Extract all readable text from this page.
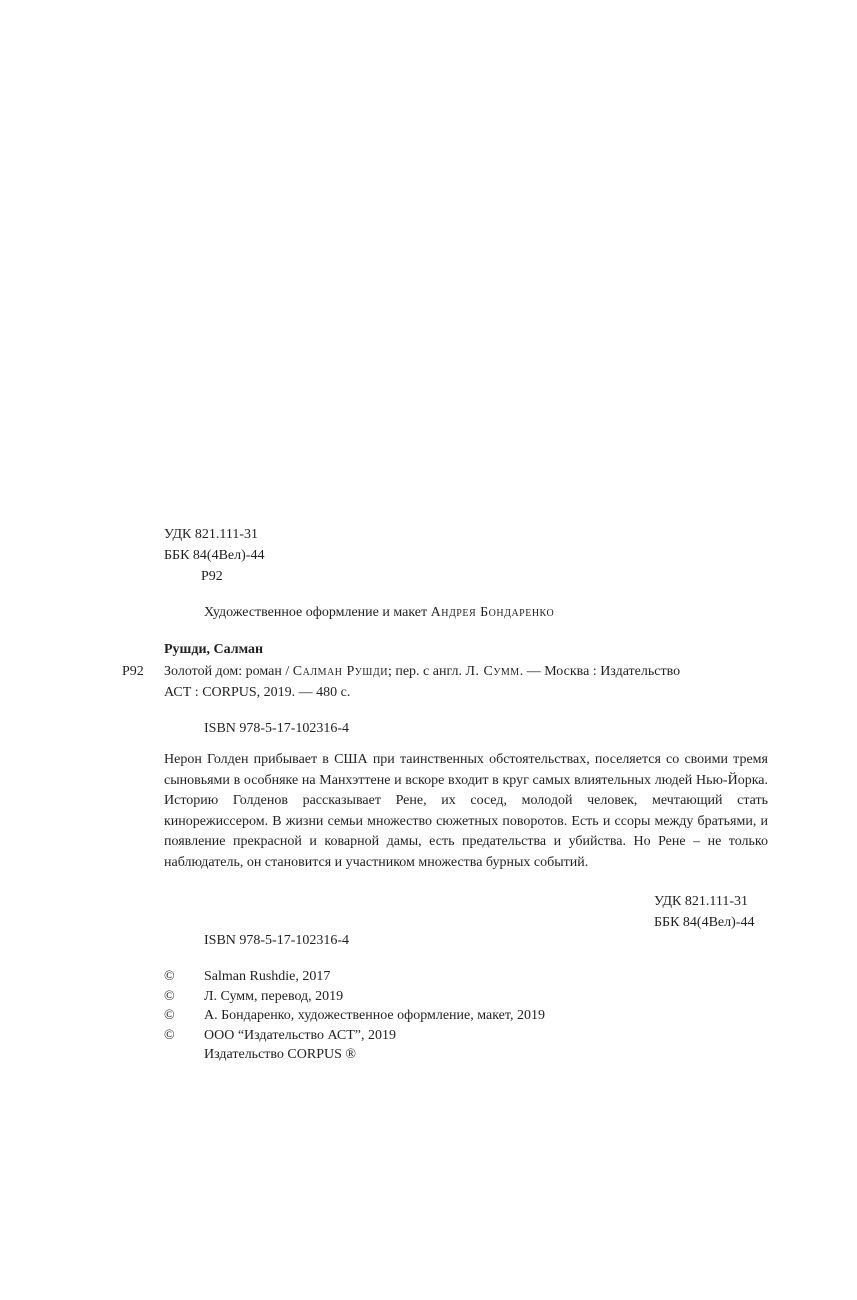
УДК 821.111-31
ББК 84(4Вел)-44
Р92
Художественное оформление и макет Андрея Бондаренко
Рушди, Салман
Р92 Золотой дом: роман / Салман Рушди; пер. с англ. Л. Сумм. — Москва : Издательство
АСТ : CORPUS, 2019. — 480 с.
ISBN 978-5-17-102316-4
Нерон Голден прибывает в США при таинственных обстоятельствах, поселяется со своими тремя сыновьями в особняке на Манхэттене и вскоре входит в круг самых влиятельных людей Нью-Йорка. Историю Голденов рассказывает Рене, их сосед, молодой человек, мечтающий стать кинорежиссером. В жизни семьи множество сюжетных поворотов. Есть и ссоры между братьями, и появление прекрасной и коварной дамы, есть предательства и убийства. Но Рене – не только наблюдатель, он становится и участником множества бурных событий.
УДК 821.111-31
ББК 84(4Вел)-44
ISBN 978-5-17-102316-4
© Salman Rushdie, 2017
© Л. Сумм, перевод, 2019
© А. Бондаренко, художественное оформление, макет, 2019
© ООО “Издательство АСТ”, 2019
Издательство CORPUS ®
